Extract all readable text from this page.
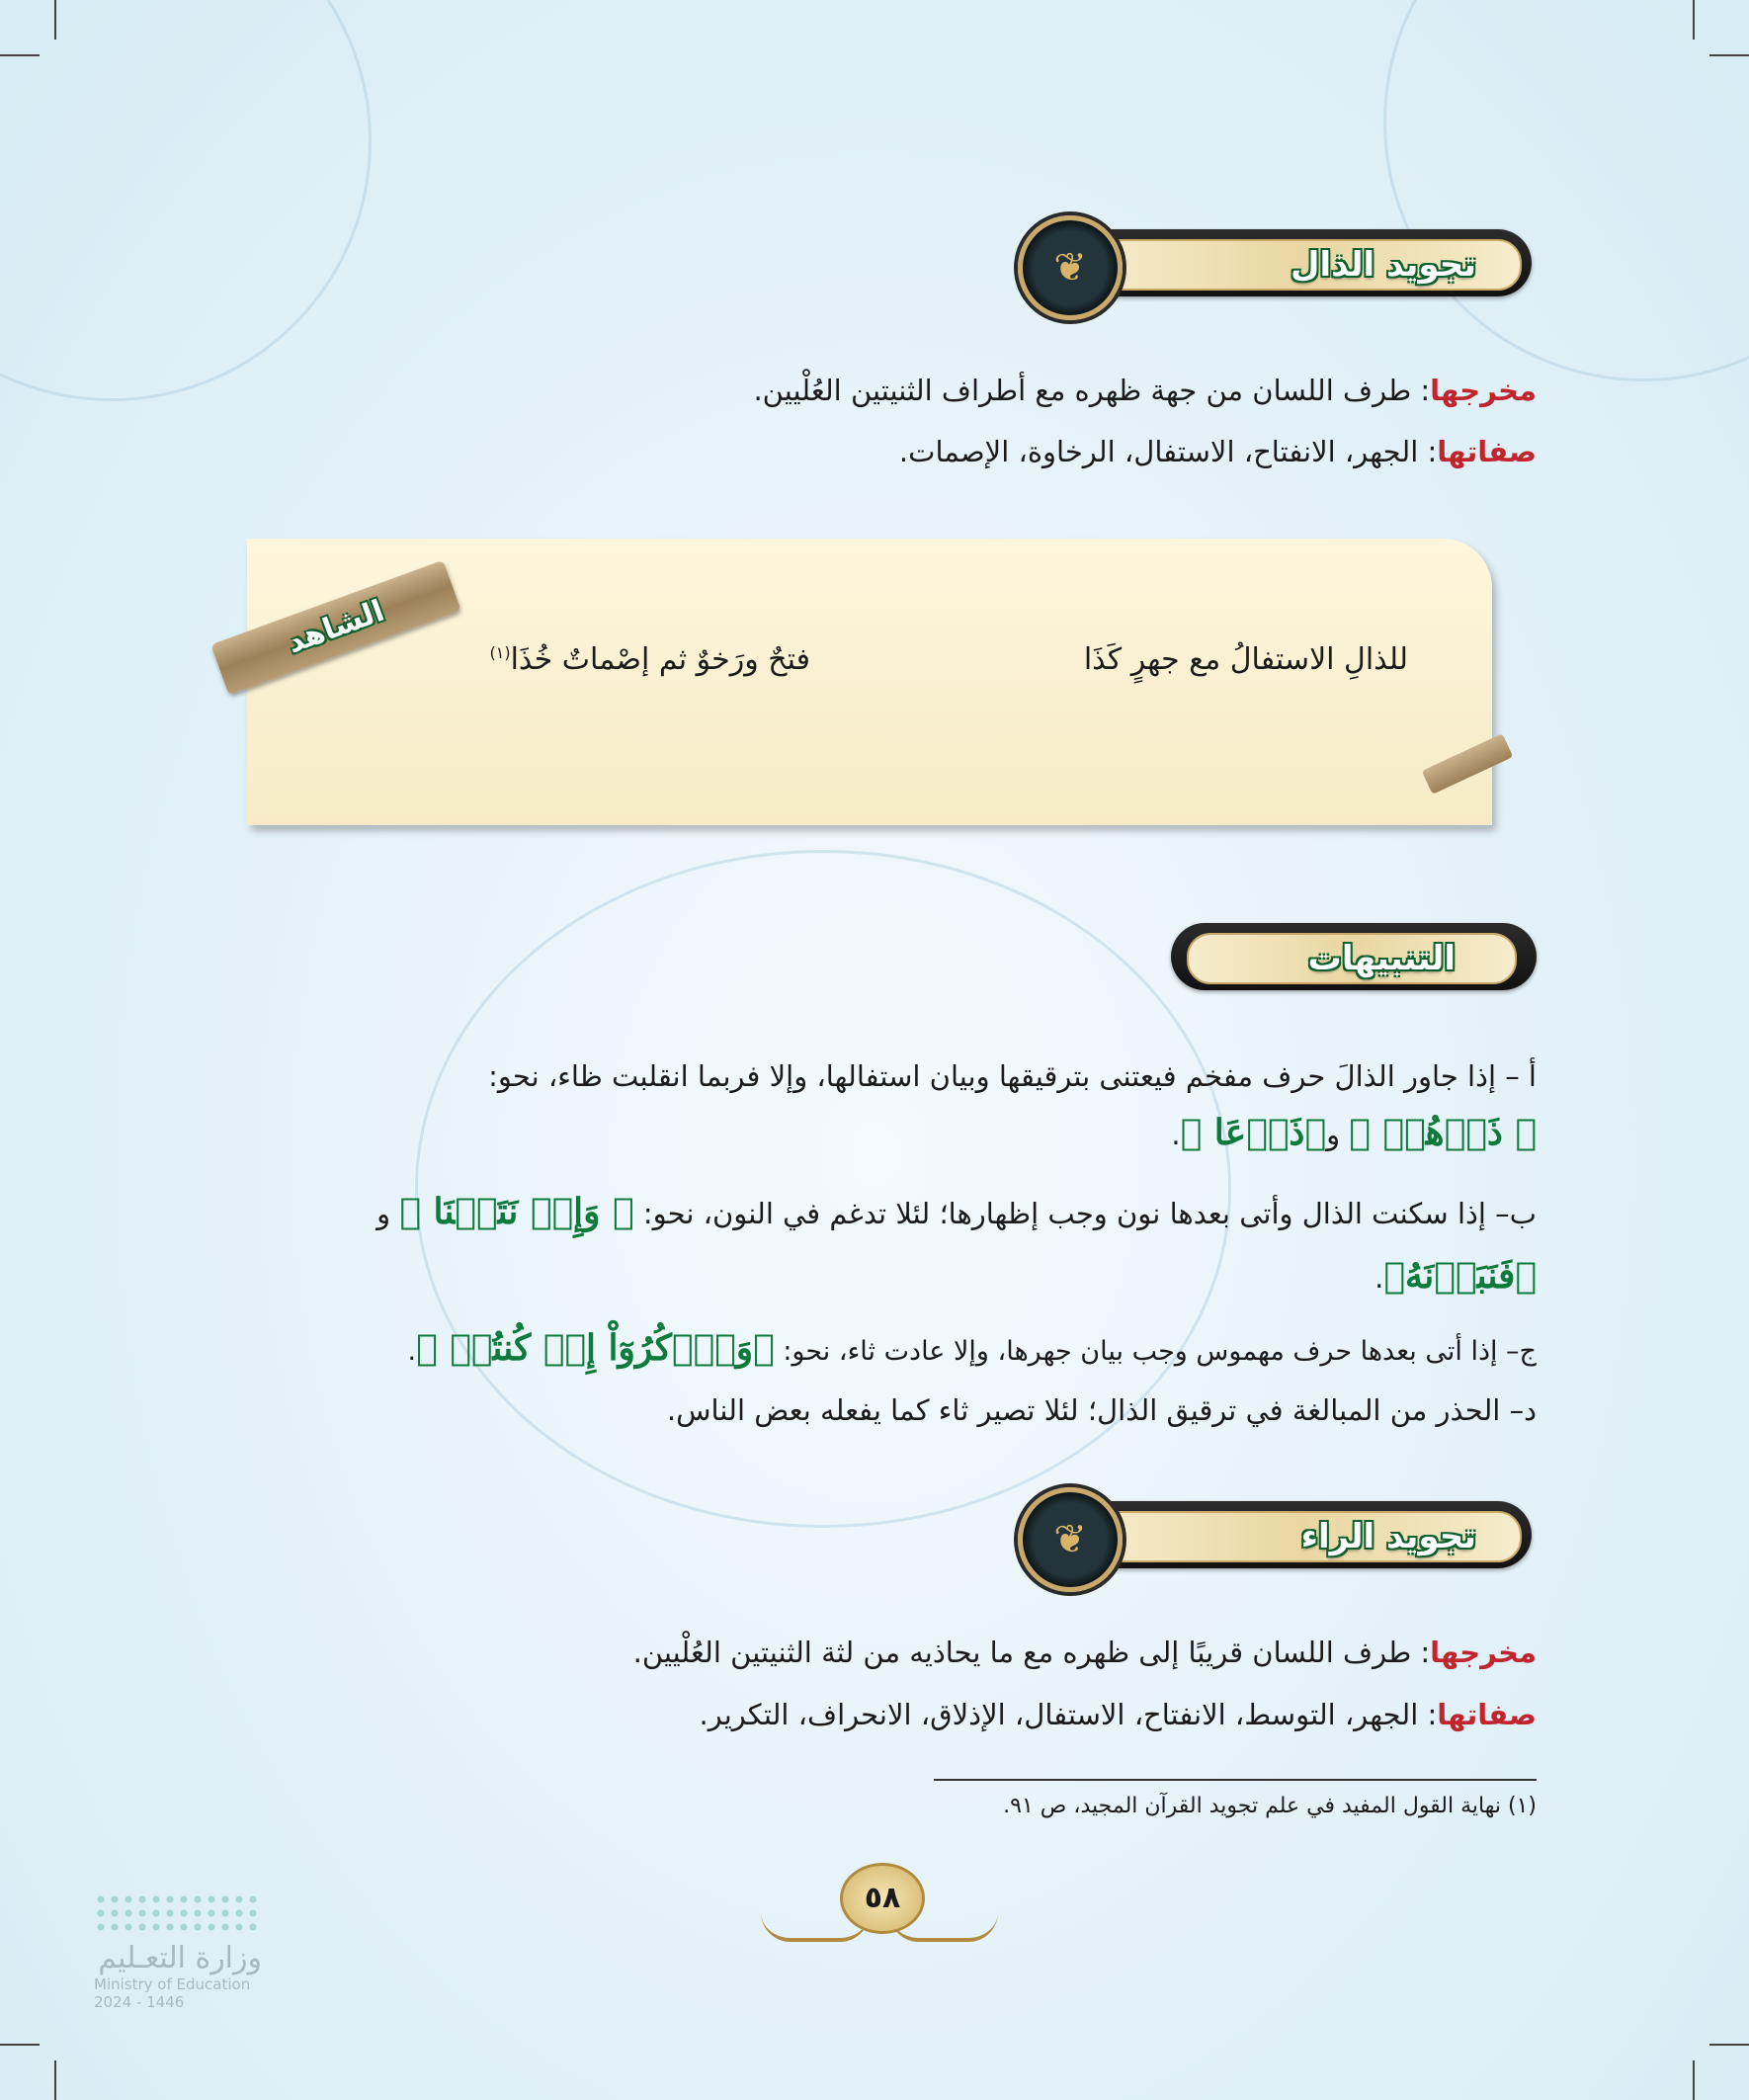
تجويد الذال
❦
مخرجها: طرف اللسان من جهة ظهره مع أطراف الثنيتين العُلْيين.
صفاتها: الجهر، الانفتاح، الاستفال، الرخاوة، الإصمات.
الشاهد	للذالِ الاستفالُ مع جهرٍ كَذَا
فتحٌ ورَخوٌ ثم إصْماتٌ خُذَا$^{(١)}$
التنبيهات
أ – إذا جاور الذالَ حرف مفخم فيعتنى بترقيقها وبيان استفالها، وإلا فربما انقلبت ظاء، نحو:
﴿ ذَرۡهُمۡ ﴾ و﴿ذَرۡعَا ﴾.
ب– إذا سكنت الذال وأتى بعدها نون وجب إظهارها؛ لئلا تدغم في النون، نحو: ﴿ وَإِذۡ نَتَقۡنَا ﴾ و
﴿فَنَبَذۡنَهُ﴾.
ج– إذا أتى بعدها حرف مهموس وجب بيان جهرها، وإلا عادت ثاء، نحو: ﴿وَٱذۡكُرُوٓاْ إِذۡ كُنتُمۡ ﴾.
د– الحذر من المبالغة في ترقيق الذال؛ لئلا تصير ثاء كما يفعله بعض الناس.
تجويد الراء
❦
مخرجها: طرف اللسان قريبًا إلى ظهره مع ما يحاذيه من لثة الثنيتين العُلْيين.
صفاتها: الجهر، التوسط، الانفتاح، الاستفال، الإذلاق، الانحراف، التكرير.
(١) نهاية القول المفيد في علم تجويد القرآن المجيد، ص ٩١.
٥٨
وزارة التعـليم
Ministry of Education
2024 - 1446
